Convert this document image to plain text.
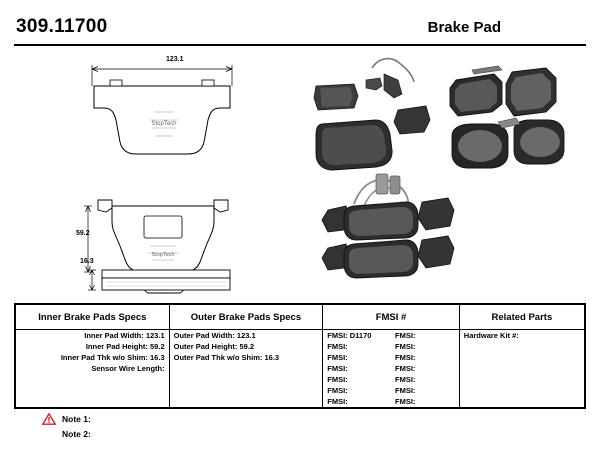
309.11700	Brake Pad
StopTech
StopTech
123.1
59.2
16.3
Inner Brake Pads Specs	Outer Brake Pads Specs	FMSI #		Related Parts
Inner Pad Width: 123.1	Outer Pad Width: 123.1	FMSI: D1170	FMSI:	Hardware Kit #:
Inner Pad Height: 59.2	Outer Pad Height: 59.2	FMSI:	FMSI:	
Inner Pad Thk w/o Shim: 16.3	Outer Pad Thk w/o Shim: 16.3	FMSI:	FMSI:	
Sensor Wire Length:		FMSI:	FMSI:	
		FMSI:	FMSI:	
		FMSI:	FMSI:	
		FMSI:	FMSI:	
Note 1:
Note 2:
